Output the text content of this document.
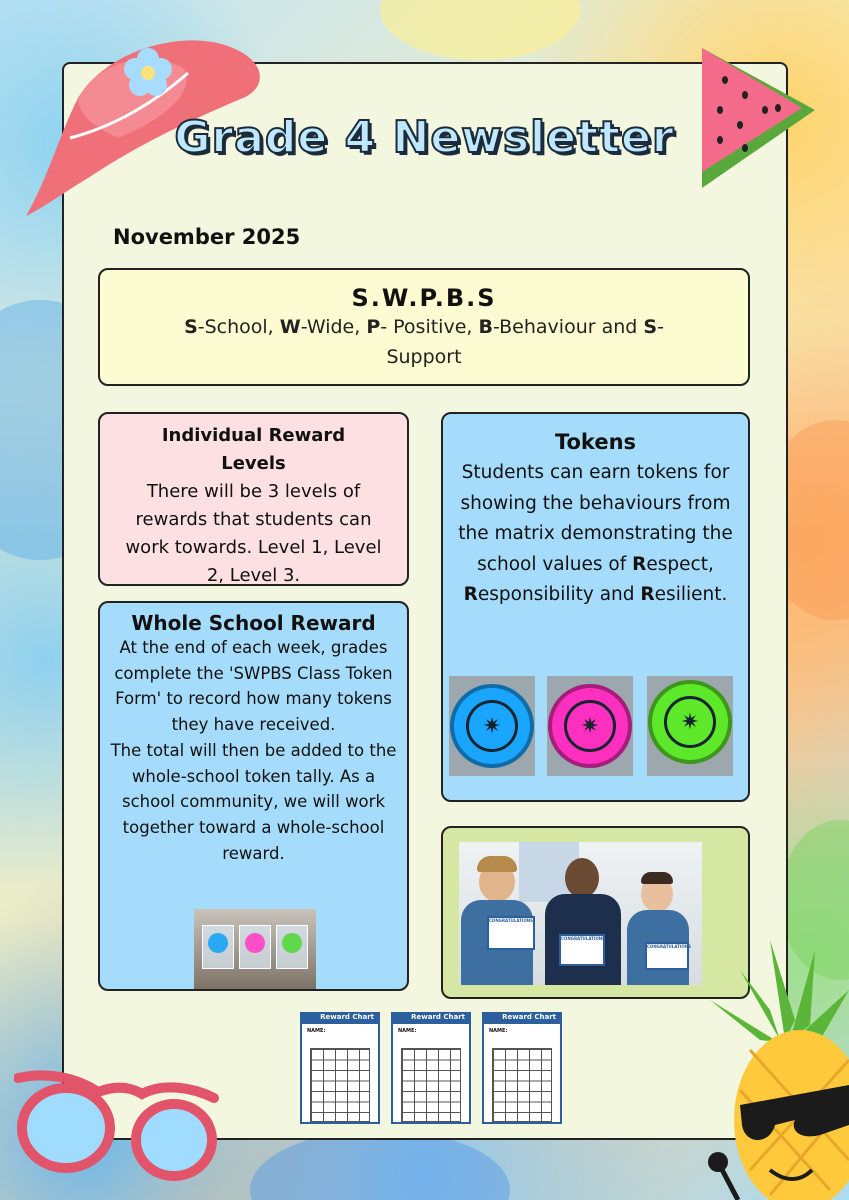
Grade 4 Newsletter
November 2025
S.W.P.B.S

S-School, W-Wide, P- Positive, B-Behaviour and S-Support

Individual Reward Levels

There will be 3 levels of rewards that students can work towards. Level 1, Level 2, Level 3.

Whole School Reward

At the end of each week, grades complete the 'SWPBS Class Token Form' to record how many tokens they have received.

The total will then be added to the whole-school token tally. As a school community, we will work together toward a whole-school reward.

Tokens

Students can earn tokens for showing the behaviours from the matrix demonstrating the school values of Respect, Responsibility and Resilient.

✷	✷	✷
CONGRATULATIONS
CONGRATULATIONS
CONGRATULATIONS
Reward Chart
NAME:
Reward Chart
NAME:
Reward Chart
NAME:
